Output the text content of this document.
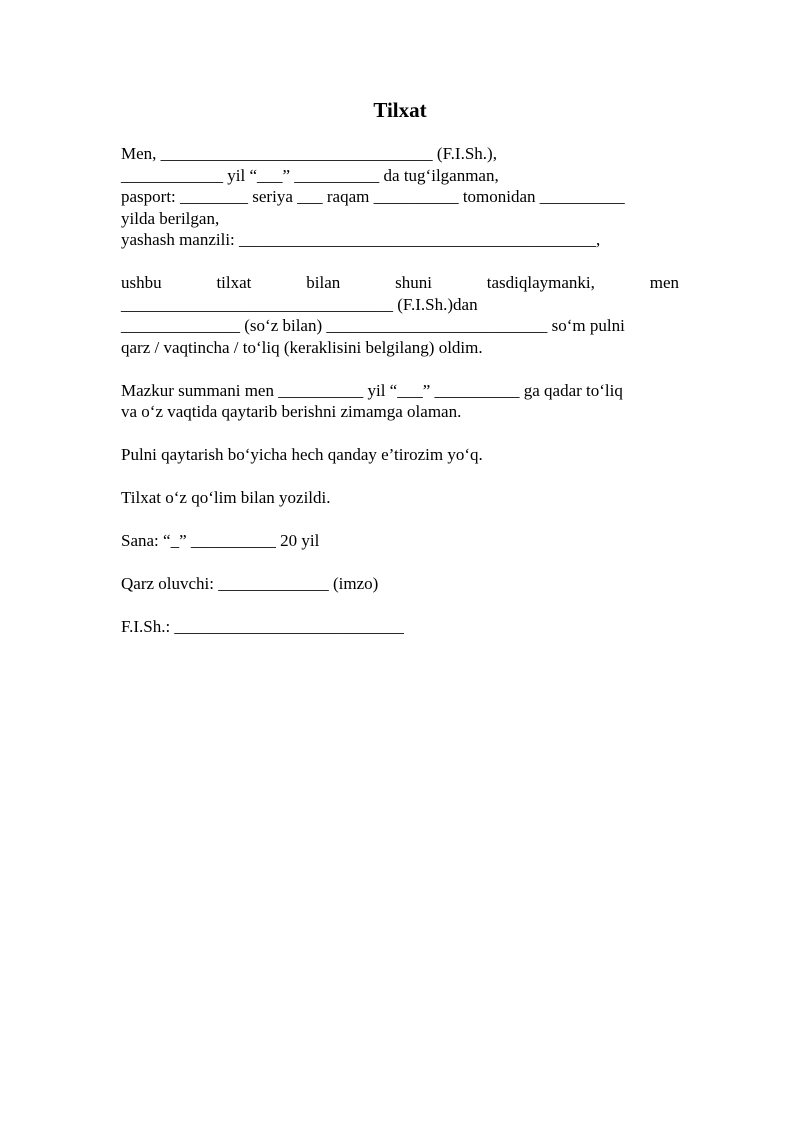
Tilxat
Men, ________________________________ (F.I.Sh.),
____________ yil “___” __________ da tug‘ilganman,
pasport: ________ seriya ___ raqam __________ tomonidan __________
yilda berilgan,
yashash manzili: __________________________________________,
ushbu tilxat bilan shuni tasdiqlaymanki, men
________________________________ (F.I.Sh.)dan
______________ (so‘z bilan) __________________________ so‘m pulni
qarz / vaqtincha / to‘liq (keraklisini belgilang) oldim.
Mazkur summani men __________ yil “___” __________ ga qadar to‘liq
va o‘z vaqtida qaytarib berishni zimamga olaman.
Pulni qaytarish bo‘yicha hech qanday e’tirozim yo‘q.
Tilxat o‘z qo‘lim bilan yozildi.
Sana: “_” __________ 20 yil
Qarz oluvchi: _____________ (imzo)
F.I.Sh.: ___________________________
